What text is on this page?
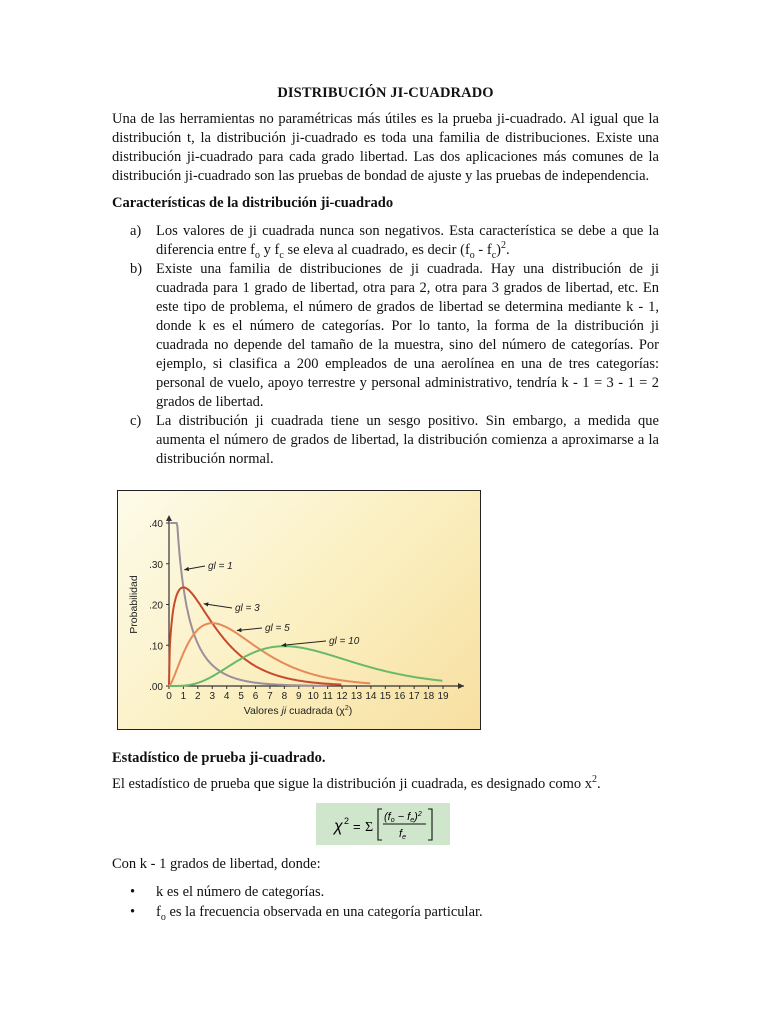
DISTRIBUCIÓN JI-CUADRADO

Una de las herramientas no paramétricas más útiles es la prueba ji-cuadrado. Al igual que la distribución t, la distribución ji-cuadrado es toda una familia de distribuciones. Existe una distribución ji-cuadrado para cada grado libertad. Las dos aplicaciones más comunes de la distribución ji-cuadrado son las pruebas de bondad de ajuste y las pruebas de independencia.

Características de la distribución ji-cuadrado
a) Los valores de ji cuadrada nunca son negativos. Esta característica se debe a que la diferencia entre $f_o$ y $f_c$ se eleva al cuadrado, es decir $(f_o - f_c)^2$.
b) Existe una familia de distribuciones de ji cuadrada. Hay una distribución de ji cuadrada para 1 grado de libertad, otra para 2, otra para 3 grados de libertad, etc. En este tipo de problema, el número de grados de libertad se determina mediante k - 1, donde k es el número de categorías. Por lo tanto, la forma de la distribución ji cuadrada no depende del tamaño de la muestra, sino del número de categorías. Por ejemplo, si clasifica a 200 empleados de una aerolínea en una de tres categorías: personal de vuelo, apoyo terrestre y personal administrativo, tendría k - 1 = 3 - 1 = 2 grados de libertad.
c) La distribución ji cuadrada tiene un sesgo positivo. Sin embargo, a medida que aumenta el número de grados de libertad, la distribución comienza a aproximarse a la distribución normal.
.00
.10
.20
.30
.40
0 1 2 3 4 5 6 7 8 9 10 11 12 13 14 15 16 17 18 19
Probabilidad
Valores ji cuadrada $(\chi^2)$
gl = 1
gl = 3
gl = 5
gl = 10
Estadístico de prueba ji-cuadrado.
El estadístico de prueba que sigue la distribución ji cuadrada, es designado como $x^2$.
χ 2 = Σ
(fo − fe)$^2$
fe
Con k - 1 grados de libertad, donde:
• k es el número de categorías.
• $f_o$ es la frecuencia observada en una categoría particular.
